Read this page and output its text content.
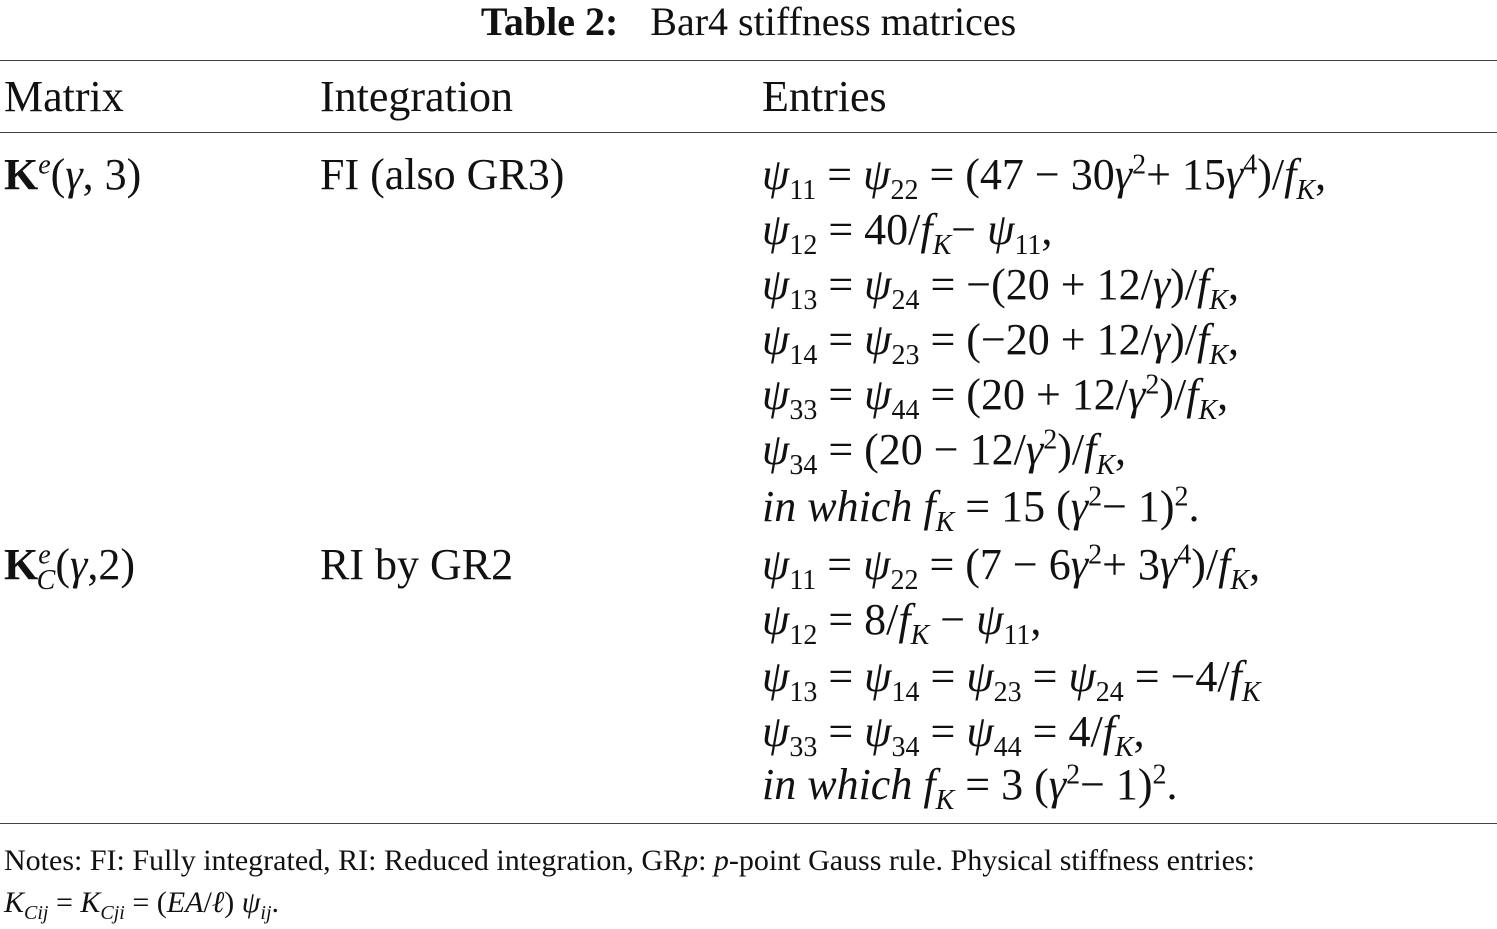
Table 2: Bar4 stiffness matrices
Matrix	Integration	Entries
$K^e(\gamma$, 3)	FI (also GR3)	$\psi_{11} = \psi_{22} = (47 - 30\gamma^2+ 15\gamma^4)/f_K$,
$\psi_{12} = 40/f_K- \psi_{11}$,
$\psi_{13} = \psi_{24} = -(20 + 12/\gamma)/f_K$,
$\psi_{14} = \psi_{23} = (-20 + 12/\gamma)/f_K$,
$\psi_{33} = \psi_{44} = (20 + 12/\gamma^2)/f_K$,
$\psi_{34} = (20 - 12/\gamma^2)/f_K$,
in which $f_K = 15$ $(\gamma^2- 1)^2$.
$K^e_C(\gamma,2)$	RI by GR2	$\psi_{11} = \psi_{22} = (7 - 6\gamma^2+ 3\gamma^4)/f_K$,
$\psi_{12} = 8/f_K - \psi_{11}$,
$\psi_{13} = \psi_{14} = \psi_{23} = \psi_{24} = -4/f_K$
$\psi_{33} = \psi_{34} = \psi_{44} = 4/f_K$,
in which $f_K = 3$ $(\gamma^2- 1)^2$.
Notes: FI: Fully integrated, RI: Reduced integration, GRp: p-point Gauss rule. Physical stiffness entries:
$K_{Cij} = K_{Cji}$ = (EA/ℓ) $\psi_{ij}$.
